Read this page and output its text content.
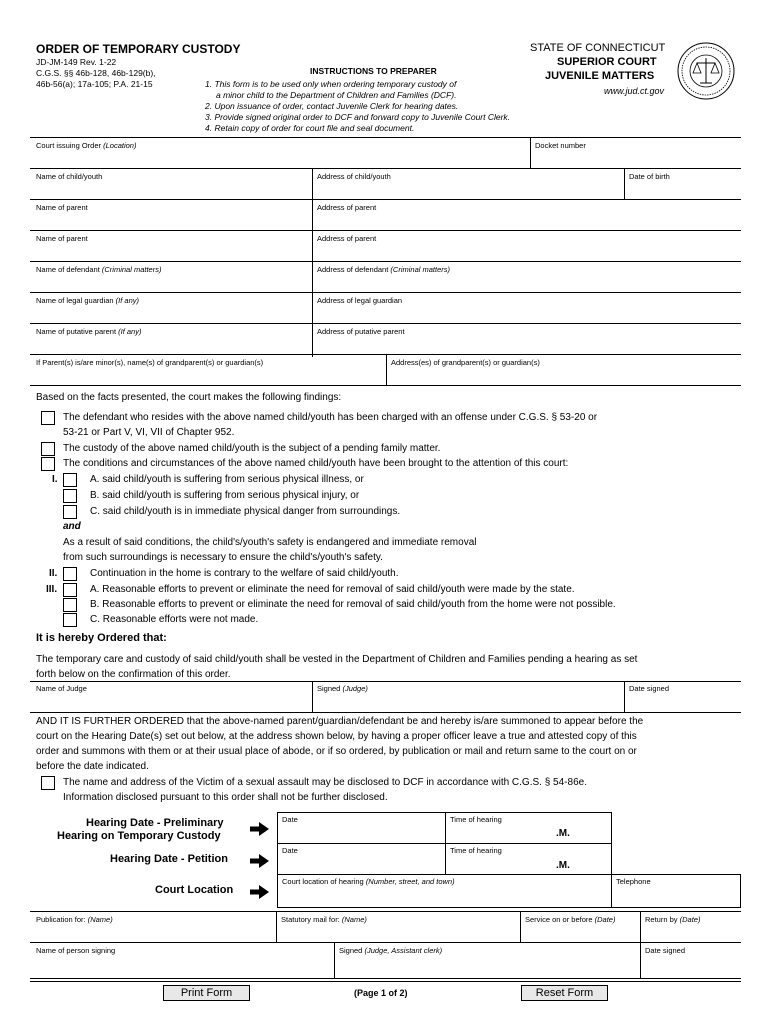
ORDER OF TEMPORARY CUSTODY
JD-JM-149 Rev. 1-22
C.G.S. §§ 46b-128, 46b-129(b),
46b-56(a); 17a-105; P.A. 21-15
INSTRUCTIONS TO PREPARER
1. This form is to be used only when ordering temporary custody of
a minor child to the Department of Children and Families (DCF).
2. Upon issuance of order, contact Juvenile Clerk for hearing dates.
3. Provide signed original order to DCF and forward copy to Juvenile Court Clerk.
4. Retain copy of order for court file and seal document.
STATE OF CONNECTICUT
SUPERIOR COURT
JUVENILE MATTERS
www.jud.ct.gov
Court issuing Order (Location)	Docket number
Name of child/youth	Address of child/youth	Date of birth
Name of parent	Address of parent
Name of parent	Address of parent
Name of defendant (Criminal matters)	Address of defendant (Criminal matters)
Name of legal guardian (If any)	Address of legal guardian
Name of putative parent (If any)	Address of putative parent
If Parent(s) is/are minor(s), name(s) of grandparent(s) or guardian(s)	Address(es) of grandparent(s) or guardian(s)
Based on the facts presented, the court makes the following findings:
The defendant who resides with the above named child/youth has been charged with an offense under C.G.S. § 53-20 or
53-21 or Part V, VI, VII of Chapter 952.
The custody of the above named child/youth is the subject of a pending family matter.
The conditions and circumstances of the above named child/youth have been brought to the attention of this court:
I.	A. said child/youth is suffering from serious physical illness, or
B. said child/youth is suffering from serious physical injury, or
C. said child/youth is in immediate physical danger from surroundings.
and
As a result of said conditions, the child's/youth's safety is endangered and immediate removal
from such surroundings is necessary to ensure the child's/youth's safety.
II.	Continuation in the home is contrary to the welfare of said child/youth.
III.	A. Reasonable efforts to prevent or eliminate the need for removal of said child/youth were made by the state.
B. Reasonable efforts to prevent or eliminate the need for removal of said child/youth from the home were not possible.
C. Reasonable efforts were not made.
It is hereby Ordered that:
The temporary care and custody of said child/youth shall be vested in the Department of Children and Families pending a hearing as set
forth below on the confirmation of this order.
Name of Judge	Signed (Judge)	Date signed
AND IT IS FURTHER ORDERED that the above-named parent/guardian/defendant be and hereby is/are summoned to appear before the
court on the Hearing Date(s) set out below, at the address shown below, by having a proper officer leave a true and attested copy of this
order and summons with them or at their usual place of abode, or if so ordered, by publication or mail and return same to the court on or
before the date indicated.
The name and address of the Victim of a sexual assault may be disclosed to DCF in accordance with C.G.S. § 54-86e.
Information disclosed pursuant to this order shall not be further disclosed.
Hearing Date - Preliminary
Hearing on Temporary Custody
Hearing Date - Petition
Court Location
Date	Time of hearing
.M.
Date	Time of hearing
.M.
Court location of hearing (Number, street, and town)	Telephone
Publication for: (Name)	Statutory mail for: (Name)	Service on or before (Date)	Return by (Date)
Name of person signing	Signed (Judge, Assistant clerk)	Date signed
Print Form	(Page 1 of 2)	Reset Form
